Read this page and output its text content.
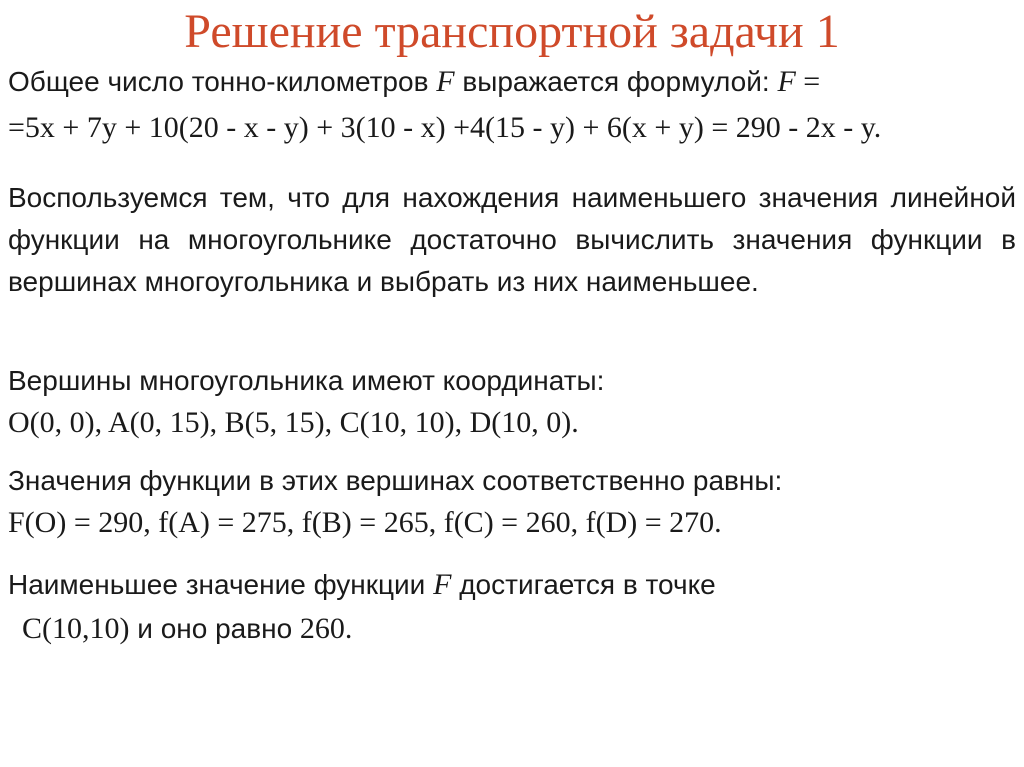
Решение транспортной задачи 1
Общее число тонно-километров F выражается формулой: F =
=5x + 7y + 10(20 - x - y) + 3(10 - x) +4(15 - y) + 6(x + y) = 290 - 2x - y.
Воспользуемся тем, что для нахождения наименьшего значения линейной функции на многоугольнике достаточно вычислить значения функции в вершинах многоугольника и выбрать из них наименьшее.
Вершины многоугольника имеют координаты:
O(0, 0), A(0, 15), B(5, 15), C(10, 10), D(10, 0).
Значения функции в этих вершинах соответственно равны:
F(O) = 290, f(A) = 275, f(B) = 265, f(C) = 260, f(D) = 270.
Наименьшее значение функции F достигается в точке
C(10,10) и оно равно 260.
